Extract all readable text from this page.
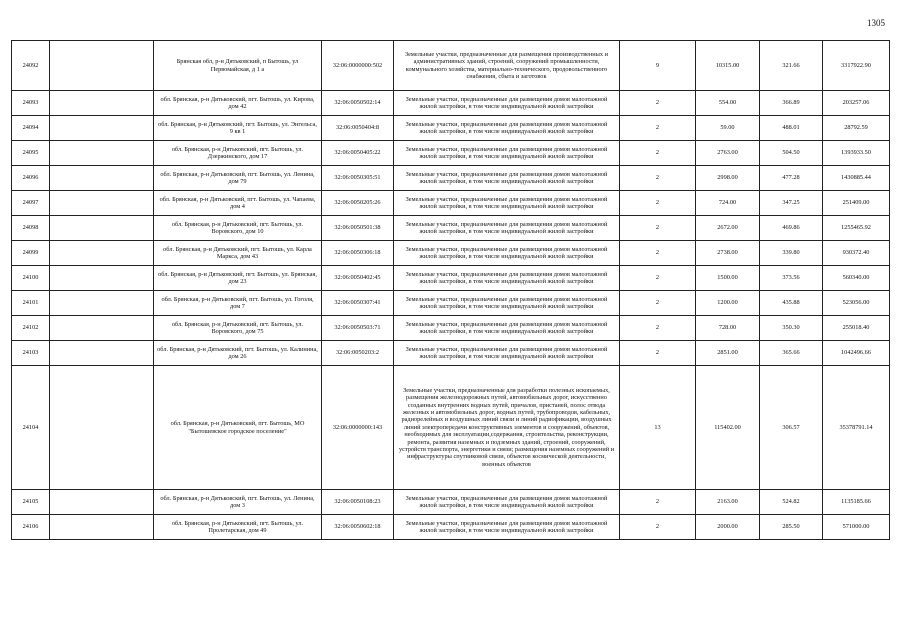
1305
24092		Брянская обл, р-н Дятьковский, п Бытошь, ул Первомайская, д 1 а	32:06:0000000:502	Земельные участки, предназначенные для размещения производственных и административных зданий, строений, сооружений промышленности, коммунального хозяйства, материально-технического, продовольственного снабжения, сбыта и заготовок	9	10315.00	321.66	3317922.90
24093		обл. Брянская, р-н Дятьковский, пгт. Бытошь, ул. Кирова, дом 42	32:06:0050502:14	Земельные участки, предназначенные для размещения домов малоэтажной жилой застройки, в том числе индивидуальной жилой застройки	2	554.00	366.89	203257.06
24094		обл. Брянская, р-н Дятьковский, пгт. Бытошь, ул. Энгельса, 9 кв 1	32:06:0050404:8	Земельные участки, предназначенные для размещения домов малоэтажной жилой застройки, в том числе индивидуальной жилой застройки	2	59.00	488.01	28792.59
24095		обл. Брянская, р-н Дятьковский, пгт. Бытошь, ул. Дзержинского, дом 17	32:06:0050405:22	Земельные участки, предназначенные для размещения домов малоэтажной жилой застройки, в том числе индивидуальной жилой застройки	2	2763.00	504.50	1393933.50
24096		обл. Брянская, р-н Дятьковский, пгт. Бытошь, ул. Ленина, дом 79	32:06:0050305:51	Земельные участки, предназначенные для размещения домов малоэтажной жилой застройки, в том числе индивидуальной жилой застройки	2	2998.00	477.28	1430885.44
24097		обл. Брянская, р-н Дятьковский, пгт. Бытошь, ул. Чапаева, дом 4	32:06:0050205:26	Земельные участки, предназначенные для размещения домов малоэтажной жилой застройки, в том числе индивидуальной жилой застройки	2	724.00	347.25	251409.00
24098		обл. Брянская, р-н Дятьковский, пгт. Бытошь, ул. Воровского, дом 10	32:06:0050501:38	Земельные участки, предназначенные для размещения домов малоэтажной жилой застройки, в том числе индивидуальной жилой застройки	2	2672.00	469.86	1255465.92
24099		обл. Брянская, р-н Дятьковский, пгт. Бытошь, ул. Карла Маркса, дом 43	32:06:0050306:18	Земельные участки, предназначенные для размещения домов малоэтажной жилой застройки, в том числе индивидуальной жилой застройки	2	2738.00	339.80	930372.40
24100		обл. Брянская, р-н Дятьковский, пгт. Бытошь, ул. Брянская, дом 23	32:06:0050402:45	Земельные участки, предназначенные для размещения домов малоэтажной жилой застройки, в том числе индивидуальной жилой застройки	2	1500.00	373.56	560340.00
24101		обл. Брянская, р-н Дятьковский, пгт. Бытошь, ул. Гоголя, дом 7	32:06:0050307:41	Земельные участки, предназначенные для размещения домов малоэтажной жилой застройки, в том числе индивидуальной жилой застройки	2	1200.00	435.88	523056.00
24102		обл. Брянская, р-н Дятьковский, пгт. Бытошь, ул. Воровского, дом 75	32:06:0050503:71	Земельные участки, предназначенные для размещения домов малоэтажной жилой застройки, в том числе индивидуальной жилой застройки	2	728.00	350.30	255018.40
24103		обл. Брянская, р-н Дятьковский, пгт. Бытошь, ул. Калинина, дом 26	32:06:0050203:2	Земельные участки, предназначенные для размещения домов малоэтажной жилой застройки, в том числе индивидуальной жилой застройки	2	2851.00	365.66	1042496.66
24104		обл. Брянская, р-н Дятьковский, пгт. Бытошь, МО "Бытошевское городское поселение"	32:06:0000000:143	Земельные участки, предназначенные для разработки полезных ископаемых, размещения железнодорожных путей, автомобильных дорог, искусственно созданных внутренних водных путей, причалов, пристаней, полос отвода железных и автомобильных дорог, водных путей, трубопроводов, кабельных, радиорелейных и воздушных линий связи и линий радиофикации, воздушных линий электропередачи конструктивных элементов и сооружений, объектов, необходимых для эксплуатации,содержания, строительства, реконструкции, ремонта, развития наземных и подземных зданий, строений, сооружений, устройств транспорта, энергетики и связи; размещения наземных сооружений и инфраструктуры спутниковой связи, объектов космической деятельности, военных объектов	13	115402.00	306.57	35378791.14
24105		обл. Брянская, р-н Дятьковский, пгт. Бытошь, ул. Ленина, дом 3	32:06:0050108:23	Земельные участки, предназначенные для размещения домов малоэтажной жилой застройки, в том числе индивидуальной жилой застройки	2	2163.00	524.82	1135185.66
24106		обл. Брянская, р-н Дятьковский, пгт. Бытошь, ул. Пролетарская, дом 49	32:06:0050602:18	Земельные участки, предназначенные для размещения домов малоэтажной жилой застройки, в том числе индивидуальной жилой застройки	2	2000.00	285.50	571000.00
